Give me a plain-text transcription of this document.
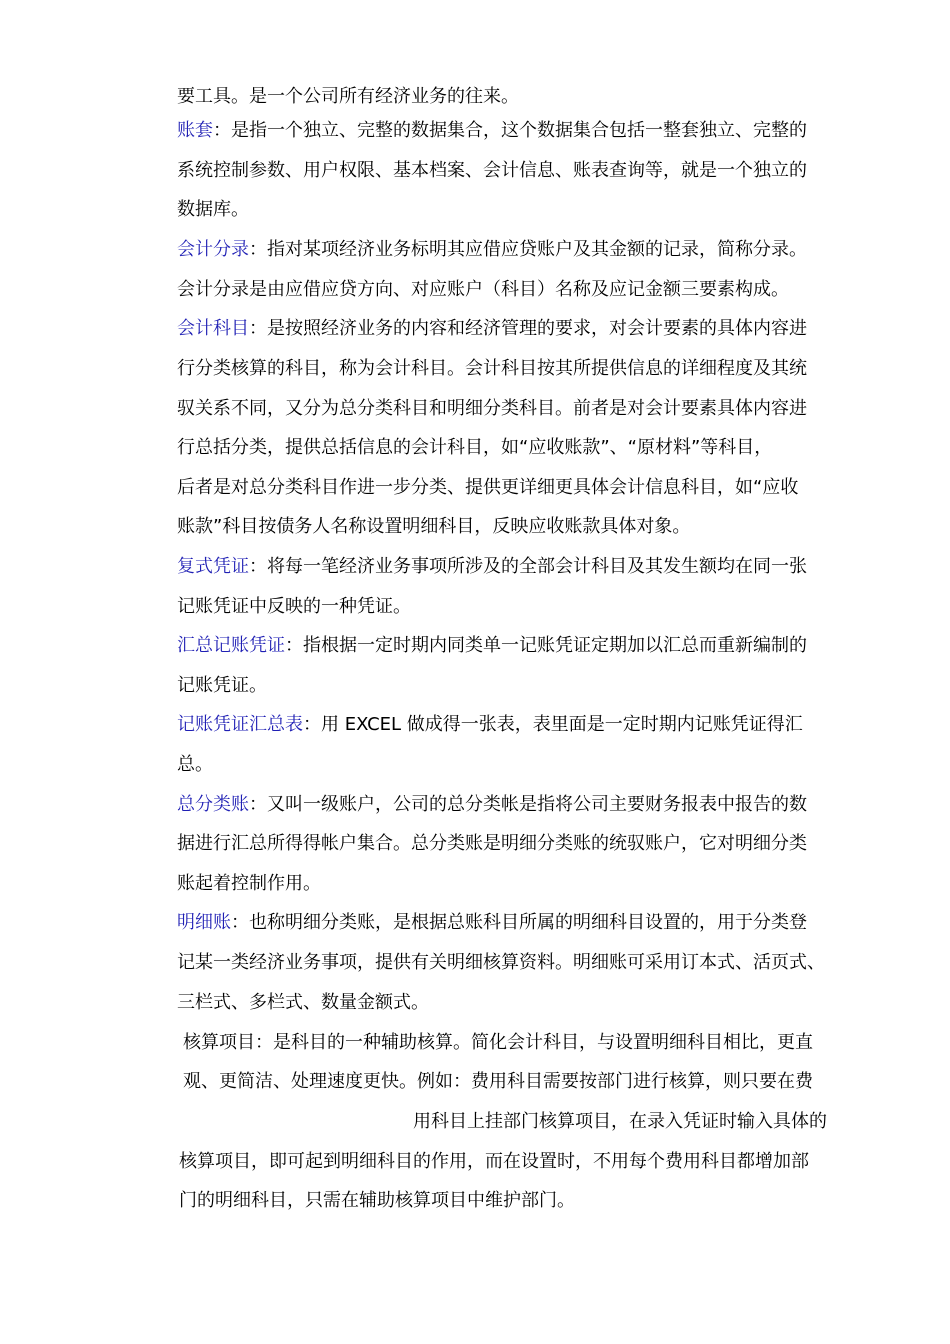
要工具。是一个公司所有经济业务的往来。
账套：是指一个独立、完整的数据集合，这个数据集合包括一整套独立、完整的
系统控制参数、用户权限、基本档案、会计信息、账表查询等，就是一个独立的
数据库。
会计分录：指对某项经济业务标明其应借应贷账户及其金额的记录，简称分录。
会计分录是由应借应贷方向、对应账户（科目）名称及应记金额三要素构成。
会计科目：是按照经济业务的内容和经济管理的要求，对会计要素的具体内容进
行分类核算的科目，称为会计科目。会计科目按其所提供信息的详细程度及其统
驭关系不同，又分为总分类科目和明细分类科目。前者是对会计要素具体内容进
行总括分类，提供总括信息的会计科目，如“应收账款”、“原材料”等科目，
后者是对总分类科目作进一步分类、提供更详细更具体会计信息科目，如“应收
账款”科目按债务人名称设置明细科目，反映应收账款具体对象。
复式凭证：将每一笔经济业务事项所涉及的全部会计科目及其发生额均在同一张
记账凭证中反映的一种凭证。
汇总记账凭证：指根据一定时期内同类单一记账凭证定期加以汇总而重新编制的
记账凭证。
记账凭证汇总表：用 EXCEL 做成得一张表，表里面是一定时期内记账凭证得汇
总。
总分类账：又叫一级账户，公司的总分类帐是指将公司主要财务报表中报告的数
据进行汇总所得得帐户集合。总分类账是明细分类账的统驭账户，它对明细分类
账起着控制作用。
明细账：也称明细分类账，是根据总账科目所属的明细科目设置的，用于分类登
记某一类经济业务事项，提供有关明细核算资料。明细账可采用订本式、活页式、
三栏式、多栏式、数量金额式。
核算项目：是科目的一种辅助核算。简化会计科目，与设置明细科目相比，更直
观、更简洁、处理速度更快。例如：费用科目需要按部门进行核算，则只要在费
用科目上挂部门核算项目，在录入凭证时输入具体的
核算项目，即可起到明细科目的作用，而在设置时，不用每个费用科目都增加部
门的明细科目，只需在辅助核算项目中维护部门。
